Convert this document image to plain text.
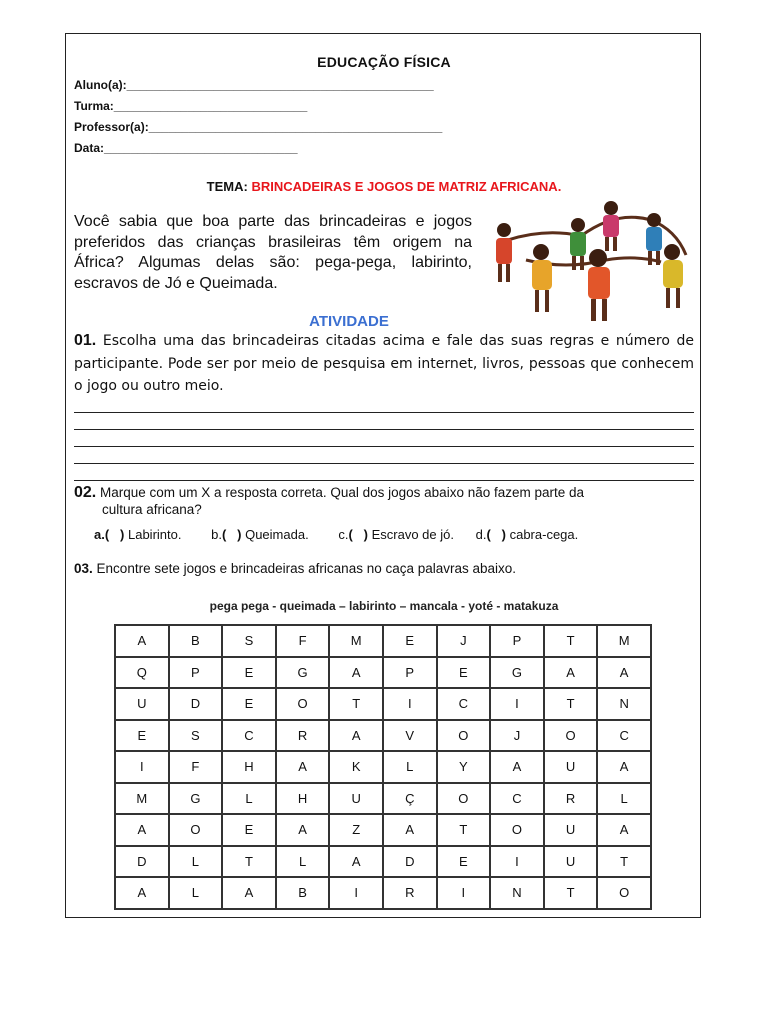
EDUCAÇÃO FÍSICA
Aluno(a):______________________________________________
Turma:_____________________________
Professor(a):____________________________________________
Data:_____________________________
TEMA: BRINCADEIRAS E JOGOS DE MATRIZ AFRICANA.
Você sabia que boa parte das brincadeiras e jogos preferidos das crianças brasileiras têm origem na África? Algumas delas são: pega-pega, labirinto, escravos de Jó e Queimada.
ATIVIDADE
01. Escolha uma das brincadeiras citadas acima e fale das suas regras e número de participante. Pode ser por meio de pesquisa em internet, livros, pessoas que conhecem o jogo ou outro meio.
02. Marque com um X a resposta correta. Qual dos jogos abaixo não fazem parte da
cultura africana?
a.( ) Labirinto. b.( ) Queimada. c.( ) Escravo de jó. d.( ) cabra-cega.
03. Encontre sete jogos e brincadeiras africanas no caça palavras abaixo.
pega pega - queimada – labirinto – mancala - yoté - matakuza
A	B	S	F	M	E	J	P	T	M
Q	P	E	G	A	P	E	G	A	A
U	D	E	O	T	I	C	I	T	N
E	S	C	R	A	V	O	J	O	C
I	F	H	A	K	L	Y	A	U	A
M	G	L	H	U	Ç	O	C	R	L
A	O	E	A	Z	A	T	O	U	A
D	L	T	L	A	D	E	I	U	T
A	L	A	B	I	R	I	N	T	O
